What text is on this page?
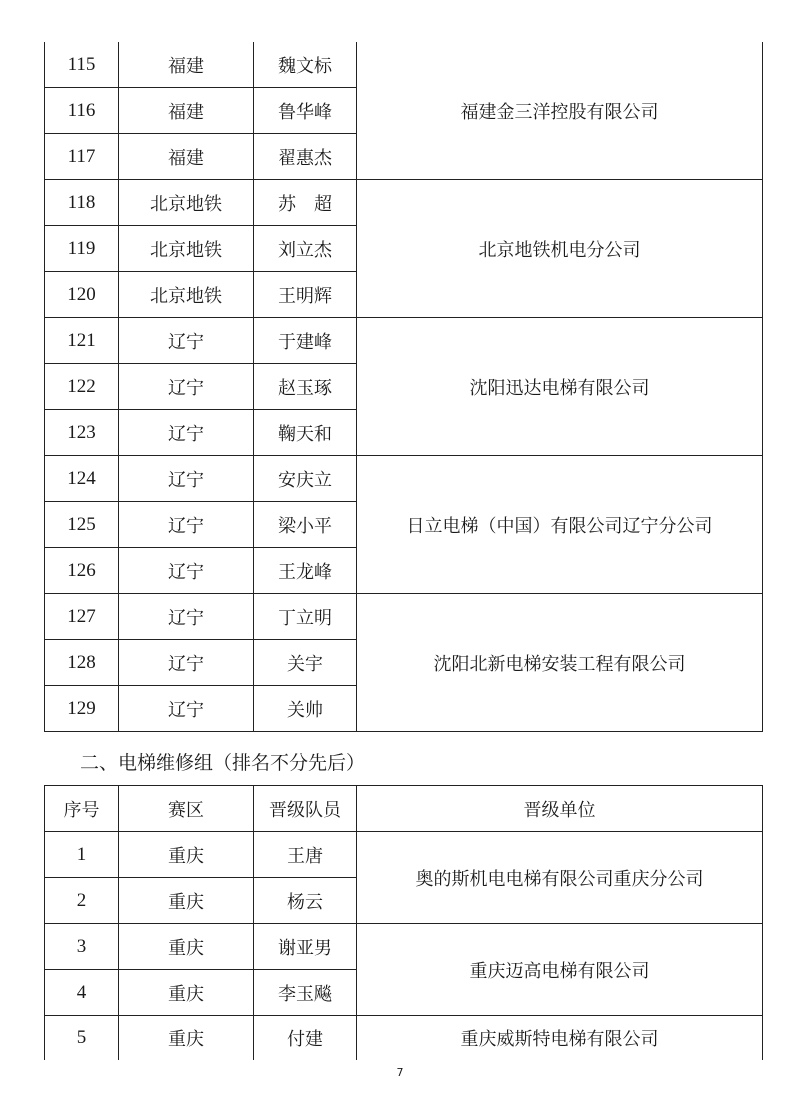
115	福建	魏文标	福建金三洋控股有限公司
116	福建	鲁华峰	
117	福建	翟惠杰	
118	北京地铁	苏　超	北京地铁机电分公司
119	北京地铁	刘立杰	
120	北京地铁	王明辉	
121	辽宁	于建峰	沈阳迅达电梯有限公司
122	辽宁	赵玉琢	
123	辽宁	鞠天和	
124	辽宁	安庆立	日立电梯（中国）有限公司辽宁分公司
125	辽宁	梁小平	
126	辽宁	王龙峰	
127	辽宁	丁立明	沈阳北新电梯安装工程有限公司
128	辽宁	关宇	
129	辽宁	关帅	
二、电梯维修组（排名不分先后）
序号	赛区	晋级队员	晋级单位
1	重庆	王唐	奥的斯机电电梯有限公司重庆分公司
2	重庆	杨云	
3	重庆	谢亚男	重庆迈高电梯有限公司
4	重庆	李玉飚	
5	重庆	付建	重庆威斯特电梯有限公司
7
